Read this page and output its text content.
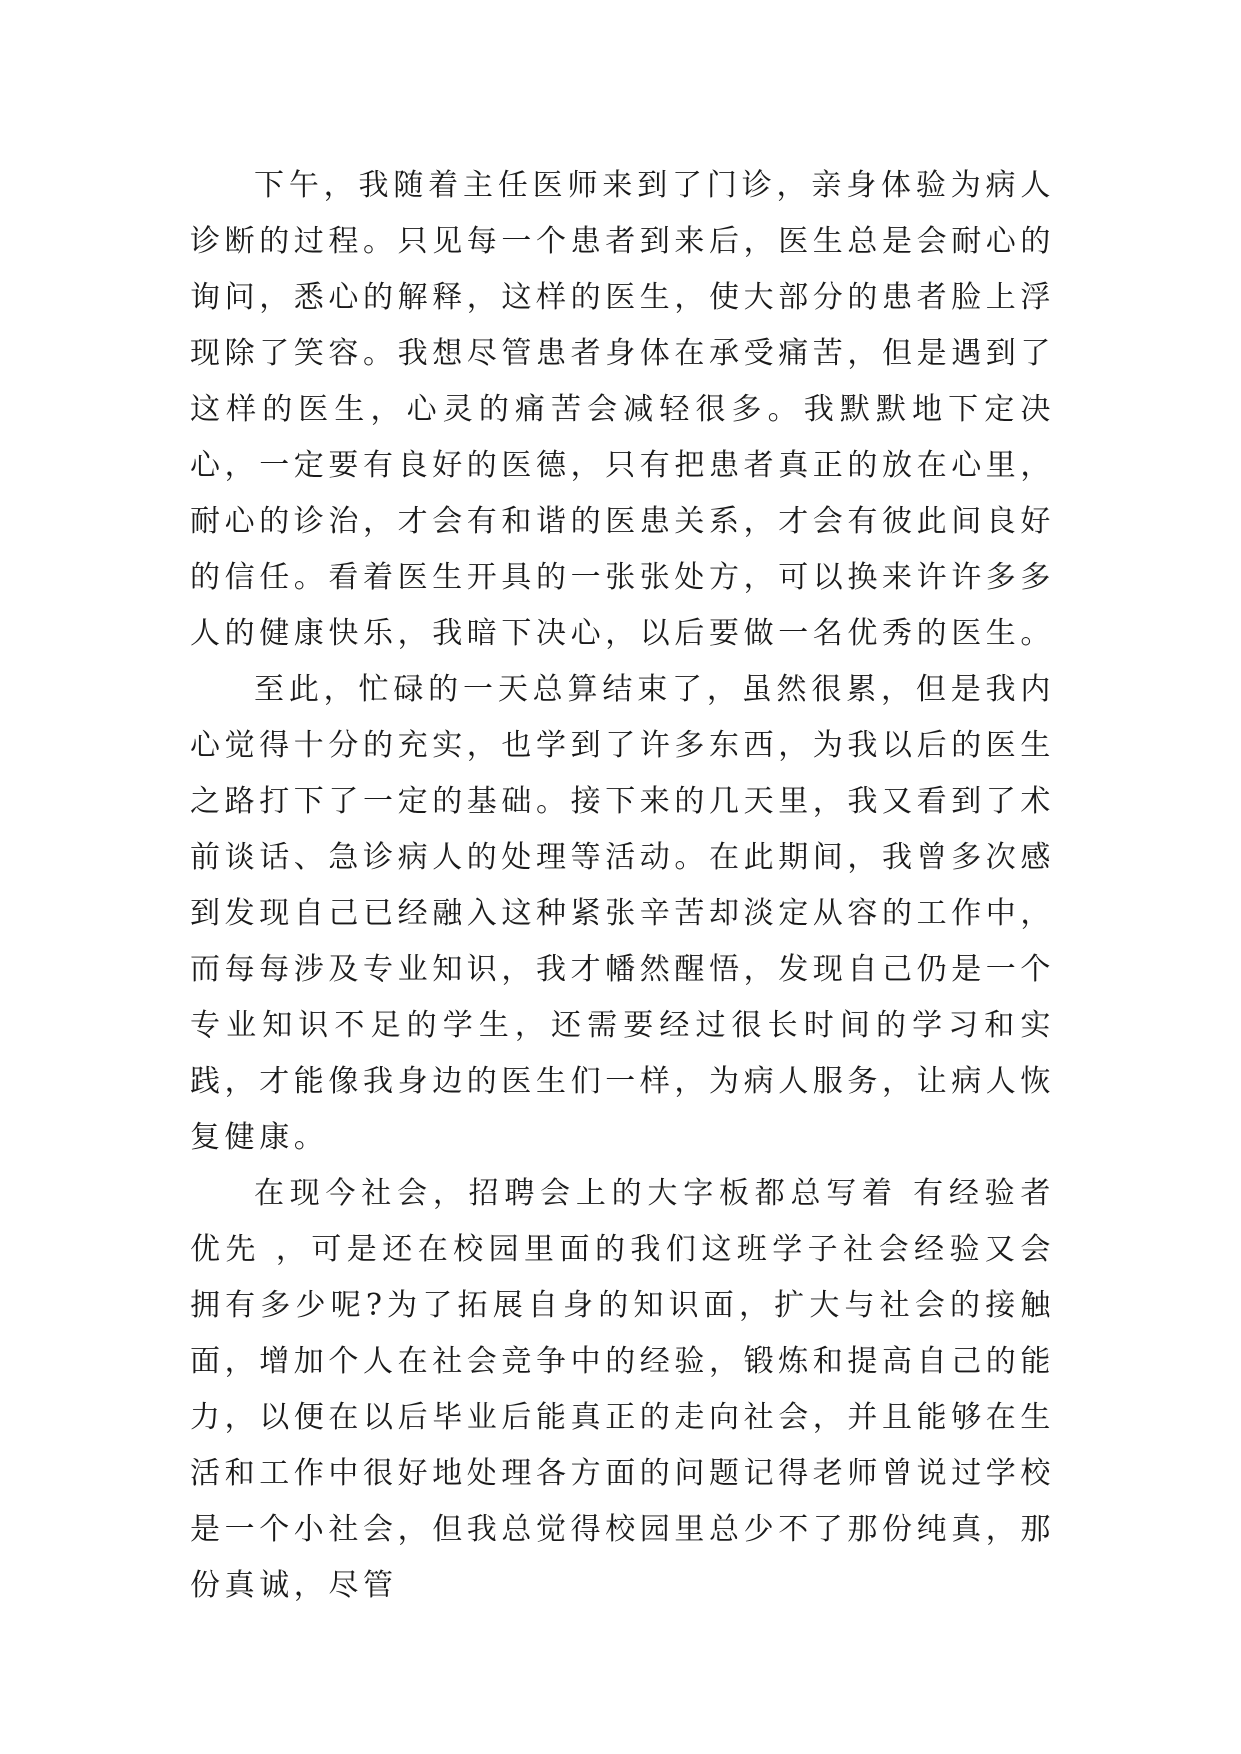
下午，我随着主任医师来到了门诊，亲身体验为病人诊断的过程。只见每一个患者到来后，医生总是会耐心的询问，悉心的解释，这样的医生，使大部分的患者脸上浮现除了笑容。我想尽管患者身体在承受痛苦，但是遇到了这样的医生，心灵的痛苦会减轻很多。我默默地下定决心，一定要有良好的医德，只有把患者真正的放在心里，耐心的诊治，才会有和谐的医患关系，才会有彼此间良好的信任。看着医生开具的一张张处方，可以换来许许多多人的健康快乐，我暗下决心，以后要做一名优秀的医生。

至此，忙碌的一天总算结束了，虽然很累，但是我内心觉得十分的充实，也学到了许多东西，为我以后的医生之路打下了一定的基础。接下来的几天里，我又看到了术前谈话、急诊病人的处理等活动。在此期间，我曾多次感到发现自己已经融入这种紧张辛苦却淡定从容的工作中，而每每涉及专业知识，我才幡然醒悟，发现自己仍是一个专业知识不足的学生，还需要经过很长时间的学习和实践，才能像我身边的医生们一样，为病人服务，让病人恢复健康。

在现今社会，招聘会上的大字板都总写着 有经验者优先 ，可是还在校园里面的我们这班学子社会经验又会拥有多少呢?为了拓展自身的知识面，扩大与社会的接触面，增加个人在社会竞争中的经验，锻炼和提高自己的能力，以便在以后毕业后能真正的走向社会，并且能够在生活和工作中很好地处理各方面的问题记得老师曾说过学校是一个小社会，但我总觉得校园里总少不了那份纯真，那份真诚，尽管
